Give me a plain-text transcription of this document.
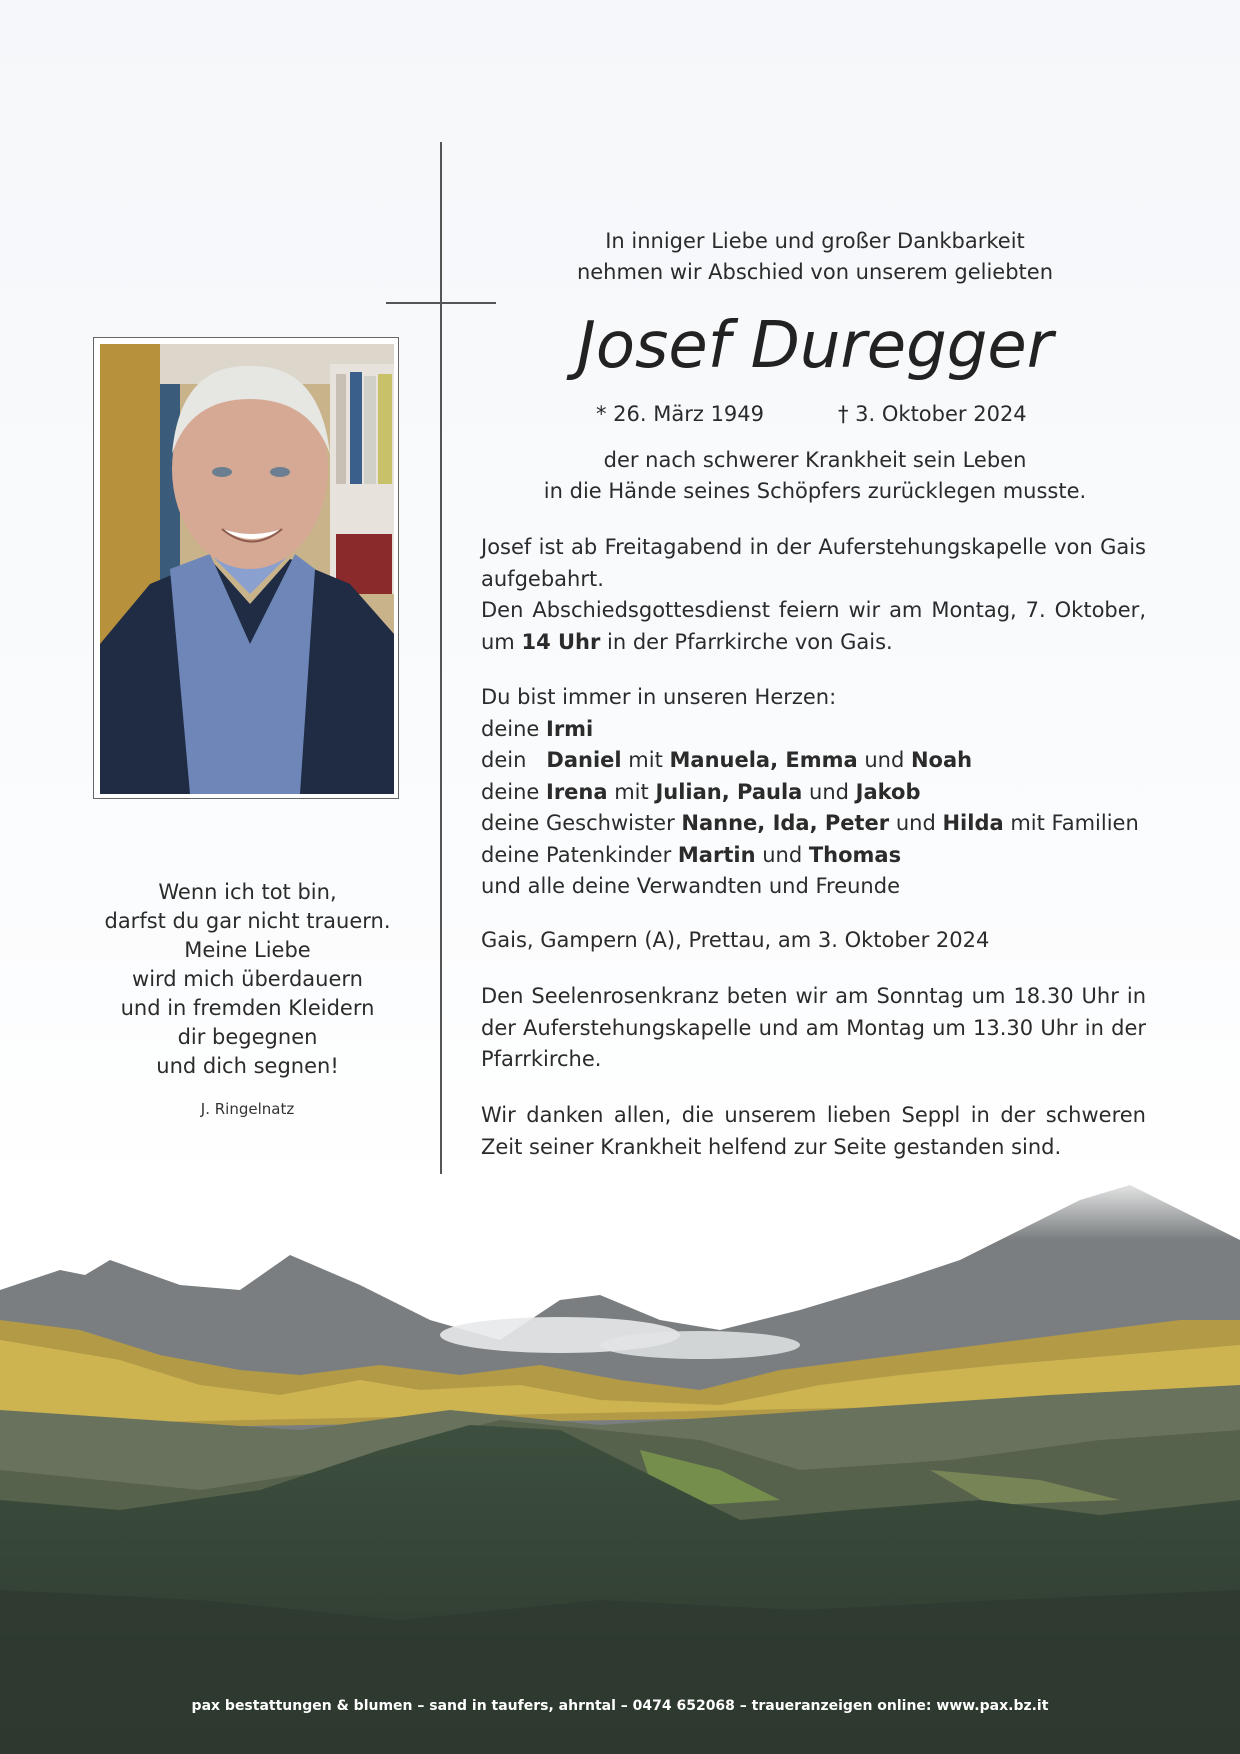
Wenn ich tot bin,
darfst du gar nicht trauern.
Meine Liebe
wird mich überdauern
und in fremden Kleidern
dir begegnen
und dich segnen!
J. Ringelnatz
In inniger Liebe und großer Dankbarkeit
nehmen wir Abschied von unserem geliebten
Josef Duregger
* 26. März 1949	† 3. Oktober 2024
der nach schwerer Krankheit sein Leben
in die Hände seines Schöpfers zurücklegen musste.
Josef ist ab Freitagabend in der Auferstehungskapelle von Gais aufgebahrt.
Den Abschiedsgottesdienst feiern wir am Montag, 7. Oktober, um 14 Uhr in der Pfarrkirche von Gais.
Du bist immer in unseren Herzen:
deine Irmi
dein   Daniel mit Manuela, Emma und Noah
deine Irena mit Julian, Paula und Jakob
deine Geschwister Nanne, Ida, Peter und Hilda mit Familien
deine Patenkinder Martin und Thomas
und alle deine Verwandten und Freunde
Gais, Gampern (A), Prettau, am 3. Oktober 2024
Den Seelenrosenkranz beten wir am Sonntag um 18.30 Uhr in der Auferstehungskapelle und am Montag um 13.30 Uhr in der Pfarrkirche.
Wir danken allen, die unserem lieben Seppl in der schweren Zeit seiner Krankheit helfend zur Seite gestanden sind.
pax bestattungen & blumen – sand in taufers, ahrntal – 0474 652068 – traueranzeigen online: www.pax.bz.it
